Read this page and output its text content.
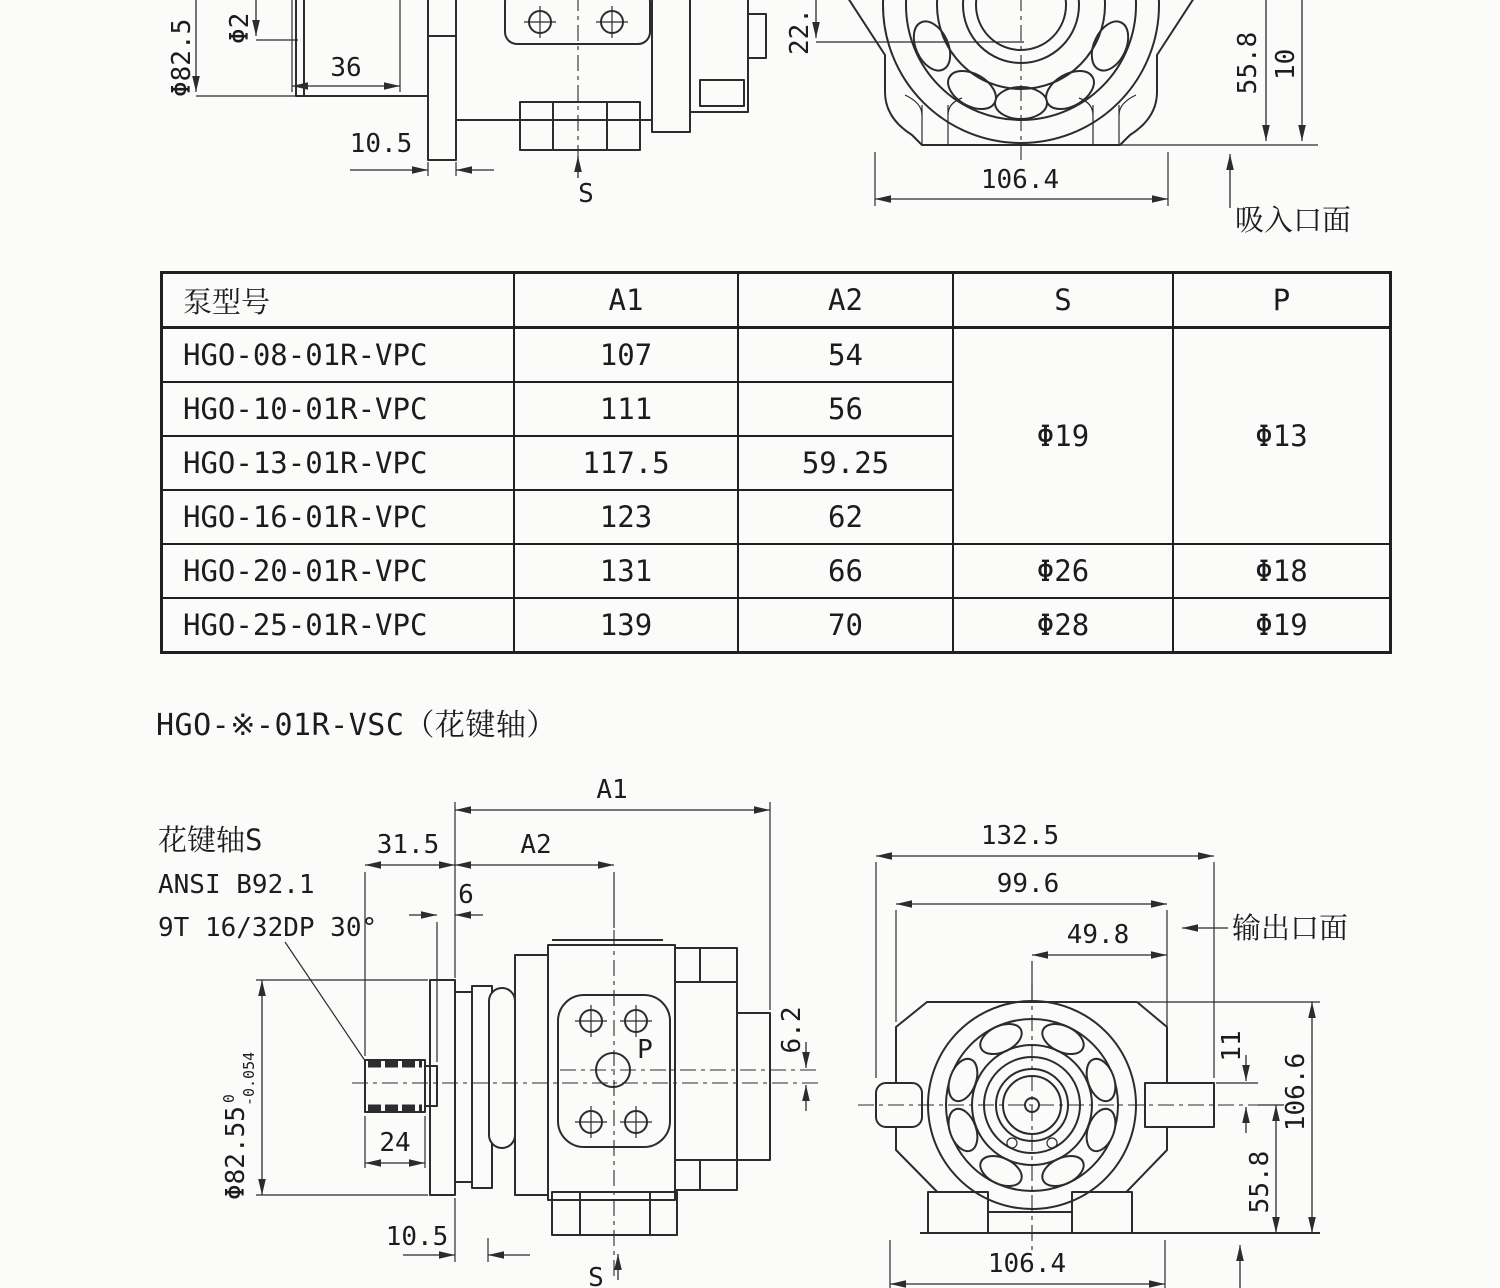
Φ82.5 Φ2
36
10.5
S
22.
55.8 10
106.4
吸入口面
花键轴S
ANSI B92.1
9T 16/32DP 30°
P
A1
31.5	A2
6
Φ82.55$^0$ -0.054
24
10.5
6.2
S
132.5
99.6
49.8	输出口面
11
106.6
55.8
106.4
泵型号	A1	A2	S	P
HGO-08-01R-VPC	107	54	Φ19	Φ13
HGO-10-01R-VPC	111	56		
HGO-13-01R-VPC	117.5	59.25		
HGO-16-01R-VPC	123	62		
HGO-20-01R-VPC	131	66	Φ26	Φ18
HGO-25-01R-VPC	139	70	Φ28	Φ19
HGO-※-01R-VSC（花键轴）
